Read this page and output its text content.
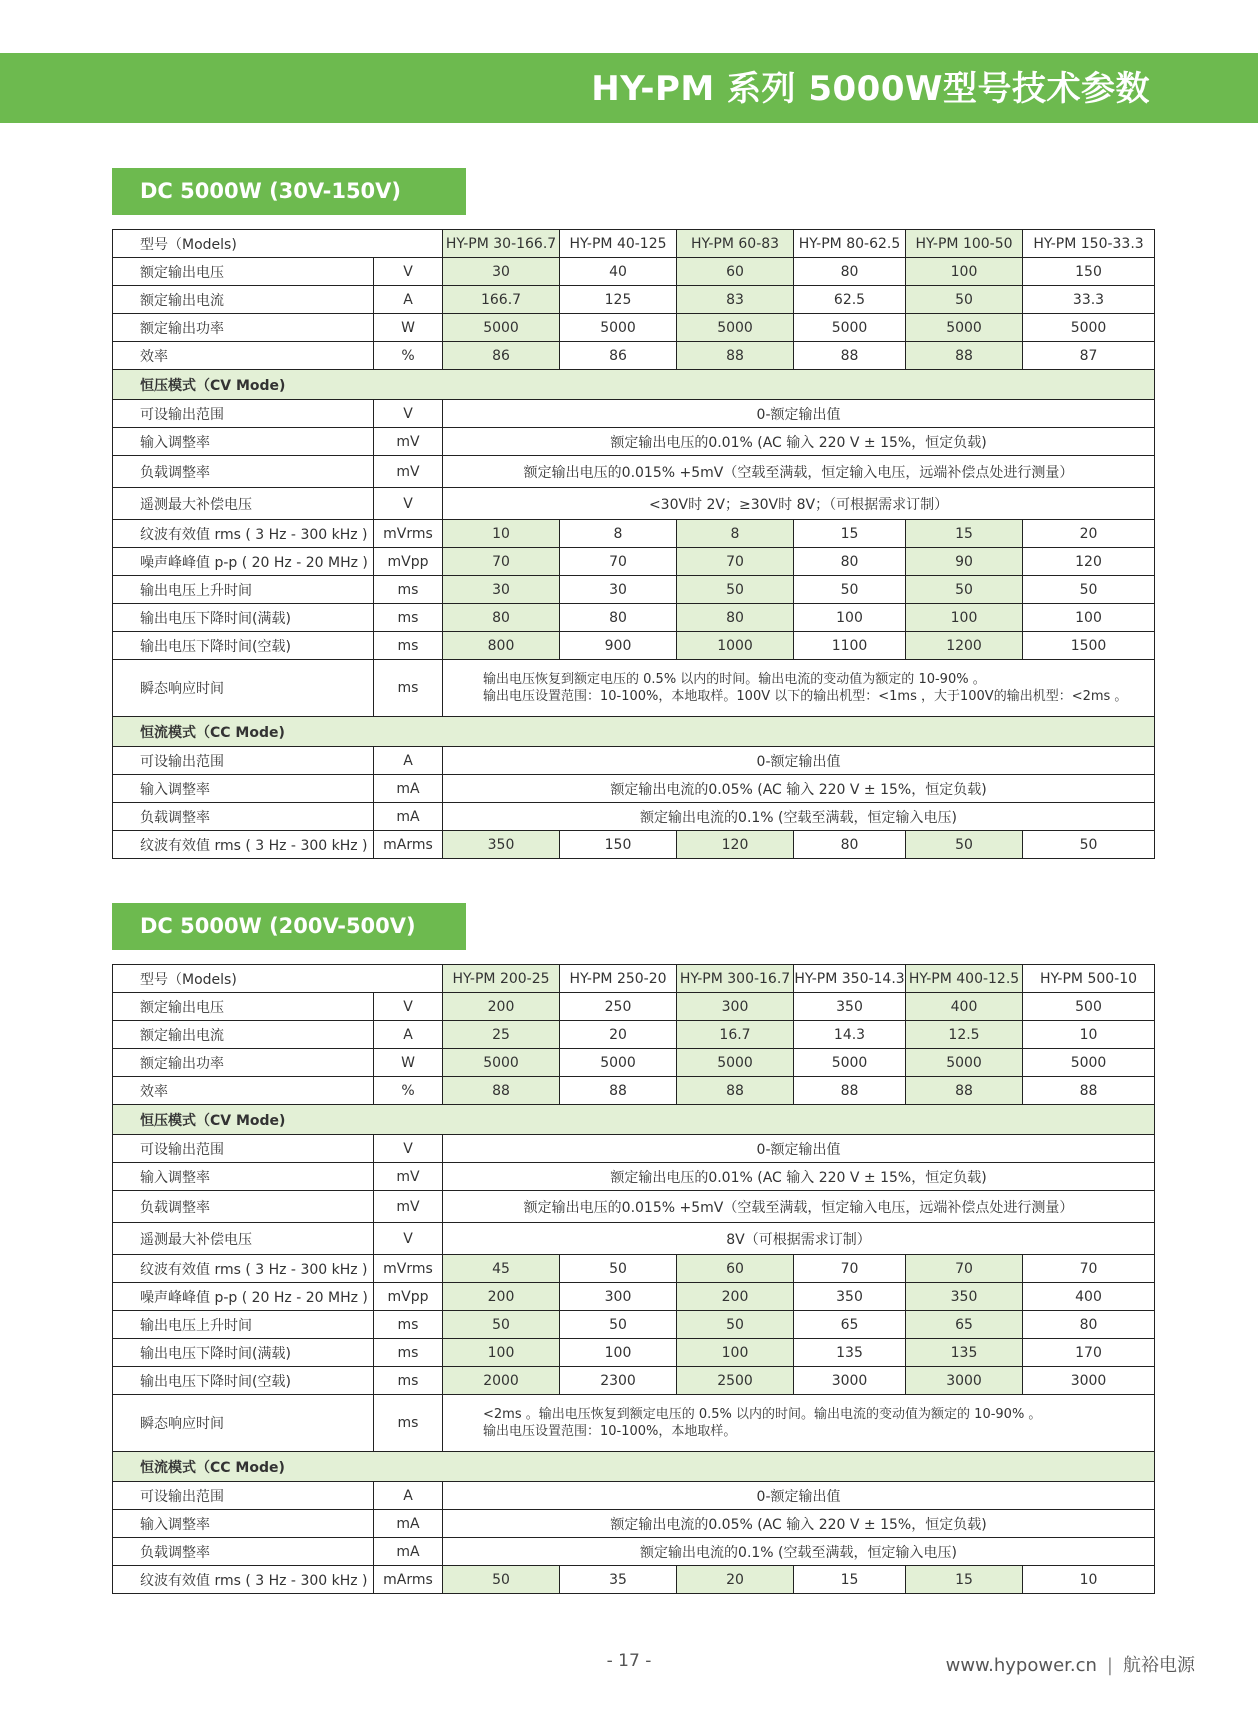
HY-PM 系列 5000W型号技术参数
DC 5000W (30V-150V)
型号（Models)		HY-PM 30-166.7	HY-PM 40-125	HY-PM 60-83	HY-PM 80-62.5	HY-PM 100-50	HY-PM 150-33.3
额定输出电压	V	30	40	60	80	100	150
额定输出电流	A	166.7	125	83	62.5	50	33.3
额定输出功率	W	5000	5000	5000	5000	5000	5000
效率	%	86	86	88	88	88	87
恒压模式（CV Mode)							
可设输出范围	V	0-额定输出值					
输入调整率	mV	额定输出电压的0.01% (AC 输入 220 V ± 15%，恒定负载)					
负载调整率	mV	额定输出电压的0.015% +5mV（空载至满载，恒定输入电压，远端补偿点处进行测量）					
遥测最大补偿电压	V	<30V时 2V；≥30V时 8V；（可根据需求订制）					
纹波有效值 rms ( 3 Hz - 300 kHz )	mVrms	10	8	8	15	15	20
噪声峰峰值 p-p ( 20 Hz - 20 MHz )	mVpp	70	70	70	80	90	120
输出电压上升时间	ms	30	30	50	50	50	50
输出电压下降时间(满载)	ms	80	80	80	100	100	100
输出电压下降时间(空载)	ms	800	900	1000	1100	1200	1500
瞬态响应时间	ms	输出电压恢复到额定电压的 0.5% 以内的时间。输出电流的变动值为额定的 10-90% 。
输出电压设置范围：10-100%，本地取样。100V 以下的输出机型：<1ms ，大于100V的输出机型：<2ms 。					

恒流模式（CC Mode)							
可设输出范围	A	0-额定输出值					
输入调整率	mA	额定输出电流的0.05% (AC 输入 220 V ± 15%，恒定负载)					
负载调整率	mA	额定输出电流的0.1% (空载至满载，恒定输入电压)					
纹波有效值 rms ( 3 Hz - 300 kHz )	mArms	350	150	120	80	50	50
DC 5000W (200V-500V)
型号（Models)		HY-PM 200-25	HY-PM 250-20	HY-PM 300-16.7	HY-PM 350-14.3	HY-PM 400-12.5	HY-PM 500-10
额定输出电压	V	200	250	300	350	400	500
额定输出电流	A	25	20	16.7	14.3	12.5	10
额定输出功率	W	5000	5000	5000	5000	5000	5000
效率	%	88	88	88	88	88	88
恒压模式（CV Mode)							
可设输出范围	V	0-额定输出值					
输入调整率	mV	额定输出电压的0.01% (AC 输入 220 V ± 15%，恒定负载)					
负载调整率	mV	额定输出电压的0.015% +5mV（空载至满载，恒定输入电压，远端补偿点处进行测量）					
遥测最大补偿电压	V	8V（可根据需求订制）					
纹波有效值 rms ( 3 Hz - 300 kHz )	mVrms	45	50	60	70	70	70
噪声峰峰值 p-p ( 20 Hz - 20 MHz )	mVpp	200	300	200	350	350	400
输出电压上升时间	ms	50	50	50	65	65	80
输出电压下降时间(满载)	ms	100	100	100	135	135	170
输出电压下降时间(空载)	ms	2000	2300	2500	3000	3000	3000
瞬态响应时间	ms	<2ms 。输出电压恢复到额定电压的 0.5% 以内的时间。输出电流的变动值为额定的 10-90% 。
输出电压设置范围：10-100%，本地取样。					

恒流模式（CC Mode)							
可设输出范围	A	0-额定输出值					
输入调整率	mA	额定输出电流的0.05% (AC 输入 220 V ± 15%，恒定负载)					
负载调整率	mA	额定输出电流的0.1% (空载至满载，恒定输入电压)					
纹波有效值 rms ( 3 Hz - 300 kHz )	mArms	50	35	20	15	15	10
- 17 -	www.hypower.cn | 航裕电源
